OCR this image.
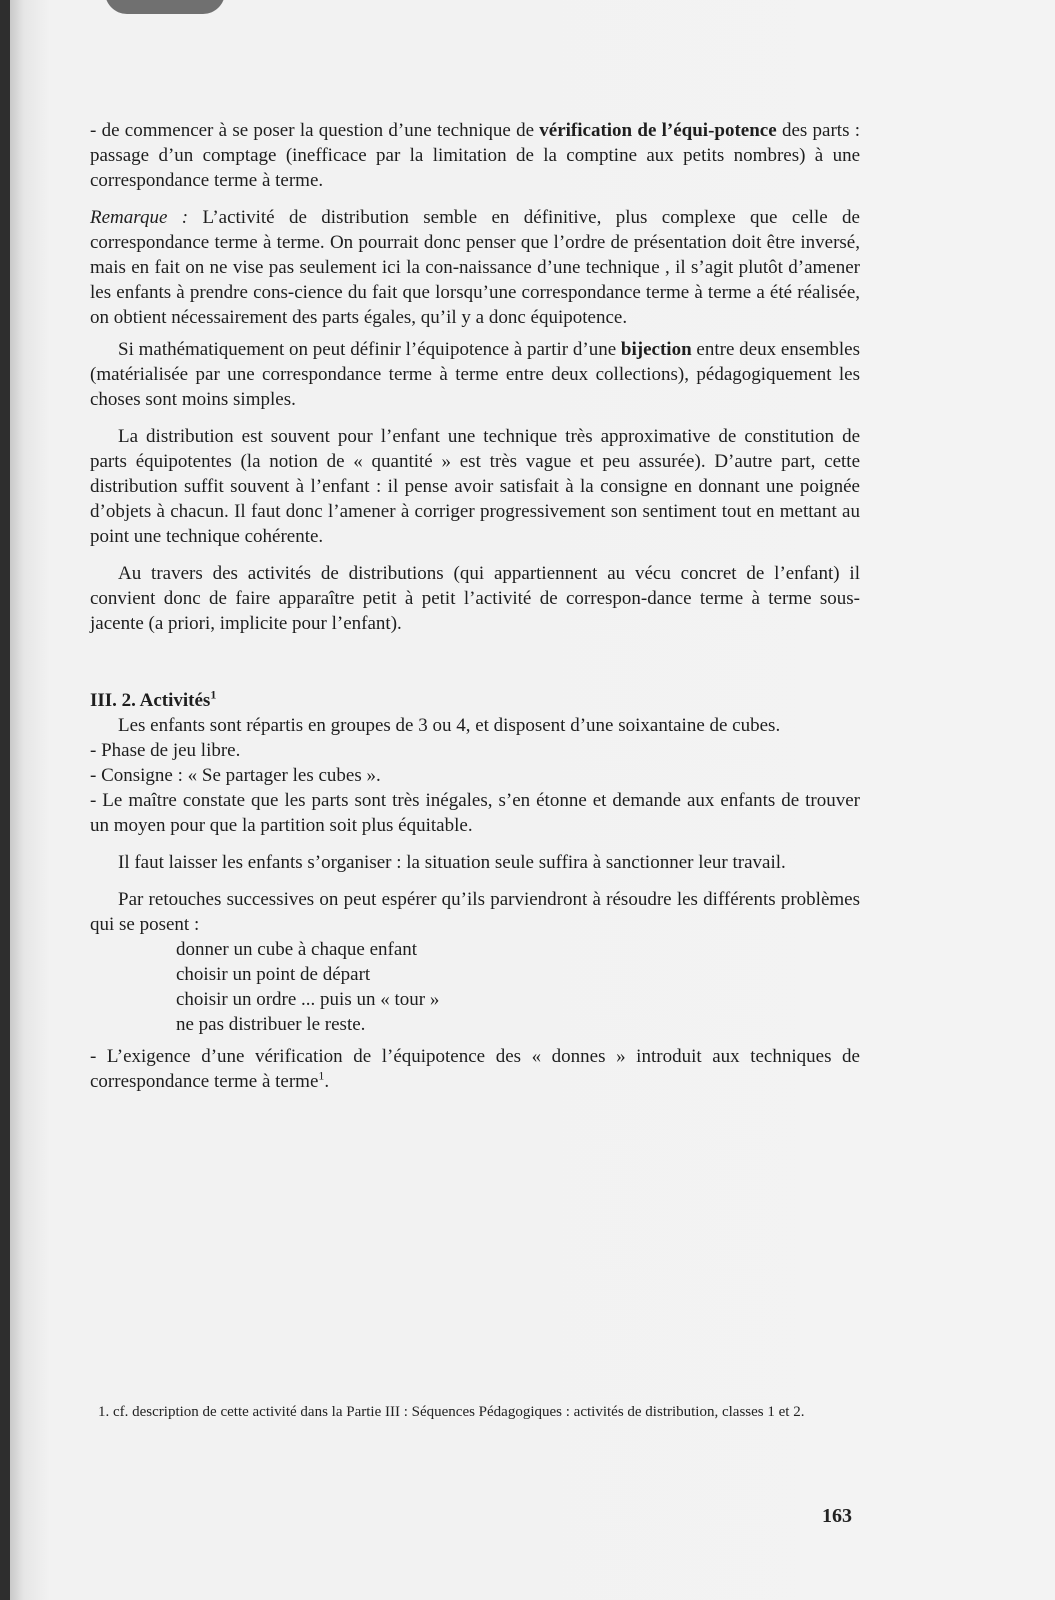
- de commencer à se poser la question d’une technique de vérification de l’équi-potence des parts : passage d’un comptage (inefficace par la limitation de la comptine aux petits nombres) à une correspondance terme à terme.

Remarque : L’activité de distribution semble en définitive, plus complexe que celle de correspondance terme à terme. On pourrait donc penser que l’ordre de présentation doit être inversé, mais en fait on ne vise pas seulement ici la con-naissance d’une technique , il s’agit plutôt d’amener les enfants à prendre cons-cience du fait que lorsqu’une correspondance terme à terme a été réalisée, on obtient nécessairement des parts égales, qu’il y a donc équipotence.

Si mathématiquement on peut définir l’équipotence à partir d’une bijection entre deux ensembles (matérialisée par une correspondance terme à terme entre deux collections), pédagogiquement les choses sont moins simples.

La distribution est souvent pour l’enfant une technique très approximative de constitution de parts équipotentes (la notion de « quantité » est très vague et peu assurée). D’autre part, cette distribution suffit souvent à l’enfant : il pense avoir satisfait à la consigne en donnant une poignée d’objets à chacun. Il faut donc l’amener à corriger progressivement son sentiment tout en mettant au point une technique cohérente.

Au travers des activités de distributions (qui appartiennent au vécu concret de l’enfant) il convient donc de faire apparaître petit à petit l’activité de correspon-dance terme à terme sous-jacente (a priori, implicite pour l’enfant).

III. 2. Activités$^1$

Les enfants sont répartis en groupes de 3 ou 4, et disposent d’une soixantaine de cubes.

- Phase de jeu libre.

- Consigne : « Se partager les cubes ».

- Le maître constate que les parts sont très inégales, s’en étonne et demande aux enfants de trouver un moyen pour que la partition soit plus équitable.

Il faut laisser les enfants s’organiser : la situation seule suffira à sanctionner leur travail.

Par retouches successives on peut espérer qu’ils parviendront à résoudre les différents problèmes qui se posent :

donner un cube à chaque enfant

choisir un point de départ

choisir un ordre ... puis un « tour »

ne pas distribuer le reste.

- L’exigence d’une vérification de l’équipotence des « donnes » introduit aux techniques de correspondance terme à terme$^1$.

1. cf. description de cette activité dans la Partie III : Séquences Pédagogiques : activités de distribution, classes 1 et 2.
163
